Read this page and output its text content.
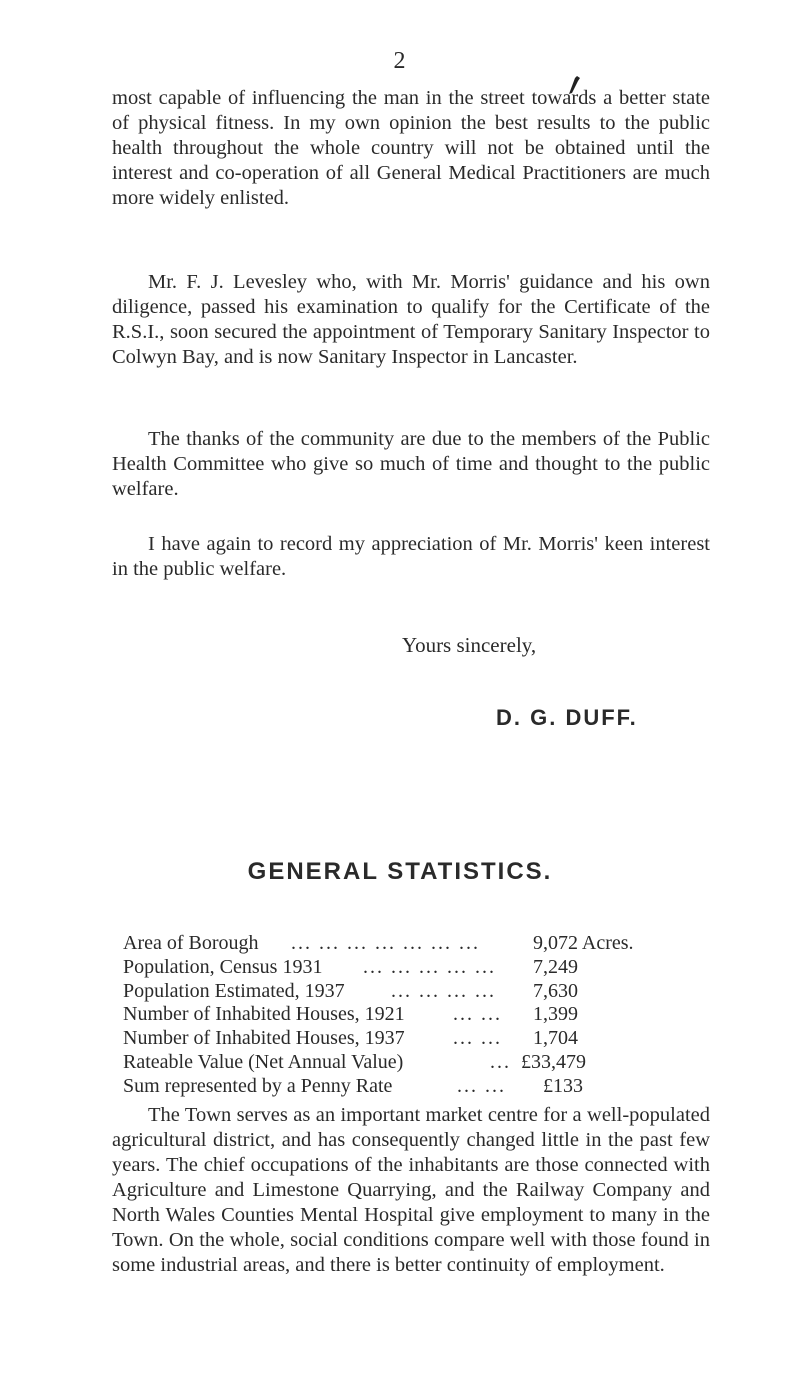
2

most capable of influencing the man in the street towards a better state of physical fitness. In my own opinion the best results to the public health throughout the whole country will not be obtained until the interest and co-operation of all General Medical Practitioners are much more widely enlisted.

Mr. F. J. Levesley who, with Mr. Morris' guidance and his own diligence, passed his examination to qualify for the Certificate of the R.S.I., soon secured the appointment of Temporary Sanitary Inspector to Colwyn Bay, and is now Sanitary Inspector in Lancaster.

The thanks of the community are due to the members of the Public Health Committee who give so much of time and thought to the public welfare.

I have again to record my appreciation of Mr. Morris' keen interest in the public welfare.

Yours sincerely,
D. G. DUFF.
GENERAL STATISTICS.
Area of Borough ... ... ... ... ... ... ...	9,072 Acres.
Population, Census 1931 ... ... ... ... ...	7,249
Population Estimated, 1937 ... ... ... ...	7,630
Number of Inhabited Houses, 1921 ... ...	1,399
Number of Inhabited Houses, 1937 ... ...	1,704
Rateable Value (Net Annual Value)	... £33,479
Sum represented by a Penny Rate	... ...	£133

The Town serves as an important market centre for a well-populated agricultural district, and has consequently changed little in the past few years. The chief occupations of the inhabitants are those connected with Agriculture and Limestone Quarrying, and the Railway Company and North Wales Counties Mental Hospital give employment to many in the Town. On the whole, social conditions compare well with those found in some industrial areas, and there is better continuity of employment.
